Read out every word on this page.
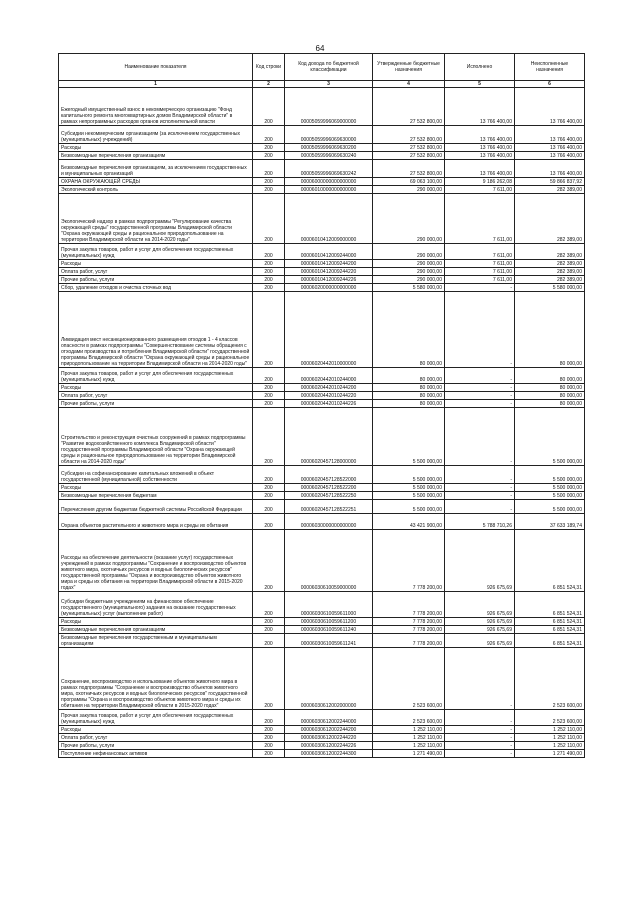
64
Наименование показателя	Код строки	Код дохода по бюджетной классификации	Утвержденные бюджетные назначения	Исполнено	Неисполненные назначения
1	2	3	4	5	6
Ежегодный имущественный взнос в некоммерческую организацию "Фонд капитального ремонта многоквартирных домов Владимирской области" в рамках непрограммных расходов органов исполнительной власти	200	00005059996069000000	27 532 800,00	13 766 400,00	13 766 400,00
Субсидии некоммерческим организациям (за исключением государственных (муниципальных) учреждений)	200	00005059996069630000	27 532 800,00	13 766 400,00	13 766 400,00
Расходы	200	00005059996069630200	27 532 800,00	13 766 400,00	13 766 400,00
Безвозмездные перечисления организациям	200	00005059996069630240	27 532 800,00	13 766 400,00	13 766 400,00
Безвозмездные перечисления организациям, за исключением государственных и муниципальных организаций	200	00005059996069630242	27 532 800,00	13 766 400,00	13 766 400,00
ОХРАНА ОКРУЖАЮЩЕЙ СРЕДЫ	200	00006000000000000000	69 063 100,00	9 186 262,08	59 866 837,92
Экологический контроль	200	00006010000000000000	290 000,00	7 611,00	282 389,00
Экологический надзор в рамках подпрограммы "Регулирование качества окружающей среды" государственной программы Владимирской области "Охрана окружающей среды и рациональное природопользование на территории Владимирской области на 2014-2020 годы"	200	00006010412009000000	290 000,00	7 611,00	282 389,00
Прочая закупка товаров, работ и услуг для обеспечения государственных (муниципальных) нужд	200	00006010412009244000	290 000,00	7 611,00	282 389,00
Расходы	200	00006010412009244200	290 000,00	7 611,00	282 389,00
Оплата работ, услуг	200	00006010412009244220	290 000,00	7 611,00	282 389,00
Прочие работы, услуги	200	00006010412009244226	290 000,00	7 611,00	282 389,00
Сбор, удаление отходов и очистка сточных вод	200	00006020000000000000	5 580 000,00	-	5 580 000,00
Ликвидация мест несанкционированного размещения отходов 1 - 4 классов опасности в рамках подпрограммы "Совершенствование системы обращения с отходами производства и потребления Владимирской области" государственной программы Владимирской области "Охрана окружающей среды и рациональное природопользование на территории Владимирской области на 2014-2020 годы"	200	00006020442010000000	80 000,00	-	80 000,00
Прочая закупка товаров, работ и услуг для обеспечения государственных (муниципальных) нужд	200	00006020442010244000	80 000,00	-	80 000,00
Расходы	200	00006020442010244200	80 000,00	-	80 000,00
Оплата работ, услуг	200	00006020442010244220	80 000,00	-	80 000,00
Прочие работы, услуги	200	00006020442010244226	80 000,00	-	80 000,00
Строительство и реконструкция очистных сооружений в рамках подпрограммы "Развитие водохозяйственного комплекса Владимирской области" государственной программы Владимирской области "Охрана окружающей среды и рациональное природопользование на территории Владимирской области на 2014-2020 годы"	200	00006020457128000000	5 500 000,00	-	5 500 000,00
Субсидии на софинансирование капитальных вложений в объект государственной (муниципальной) собственности	200	00006020457128522000	5 500 000,00	-	5 500 000,00
Расходы	200	00006020457128522200	5 500 000,00	-	5 500 000,00
Безвозмездные перечисления бюджетам	200	00006020457128522250	5 500 000,00	-	5 500 000,00
Перечисления другим бюджетам бюджетной системы Российской Федерации	200	00006020457128522251	5 500 000,00	-	5 500 000,00
Охрана объектов растительного и животного мира и среды их обитания	200	00006030000000000000	43 421 900,00	5 788 710,26	37 633 189,74
Расходы на обеспечение деятельности (оказание услуг) государственных учреждений в рамках подпрограммы "Сохранение и воспроизводство объектов животного мира, охотничьих ресурсов и водных биологических ресурсов" государственной программы "Охрана и воспроизводство объектов животного мира и среды их обитания на территории Владимирской области в 2015-2020 годах"	200	00006030610059000000	7 778 200,00	926 675,69	6 851 524,31
Субсидии бюджетным учреждениям на финансовое обеспечение государственного (муниципального) задания на оказание государственных (муниципальных) услуг (выполнение работ)	200	00006030610059611000	7 778 200,00	926 675,69	6 851 524,31
Расходы	200	00006030610059611200	7 778 200,00	926 675,69	6 851 524,31
Безвозмездные перечисления организациям	200	00006030610059611240	7 778 200,00	926 675,69	6 851 524,31
Безвозмездные перечисления государственным и муниципальным организациям	200	00006030610059611241	7 778 200,00	926 675,69	6 851 524,31
Сохранение, воспроизводство и использование объектов животного мира в рамках подпрограммы "Сохранение и воспроизводство объектов животного мира, охотничьих ресурсов и водных биологических ресурсов" государственной программы "Охрана и воспроизводство объектов животного мира и среды их обитания на территории Владимирской области в 2015-2020 годах"	200	00006030612002000000	2 523 600,00	-	2 523 600,00
Прочая закупка товаров, работ и услуг для обеспечения государственных (муниципальных) нужд	200	00006030612002244000	2 523 600,00	-	2 523 600,00
Расходы	200	00006030612002244200	1 252 110,00	-	1 252 110,00
Оплата работ, услуг	200	00006030612002244220	1 252 110,00	-	1 252 110,00
Прочие работы, услуги	200	00006030612002244226	1 252 110,00	-	1 252 110,00
Поступление нефинансовых активов	200	00006030612002244300	1 271 490,00	-	1 271 490,00
